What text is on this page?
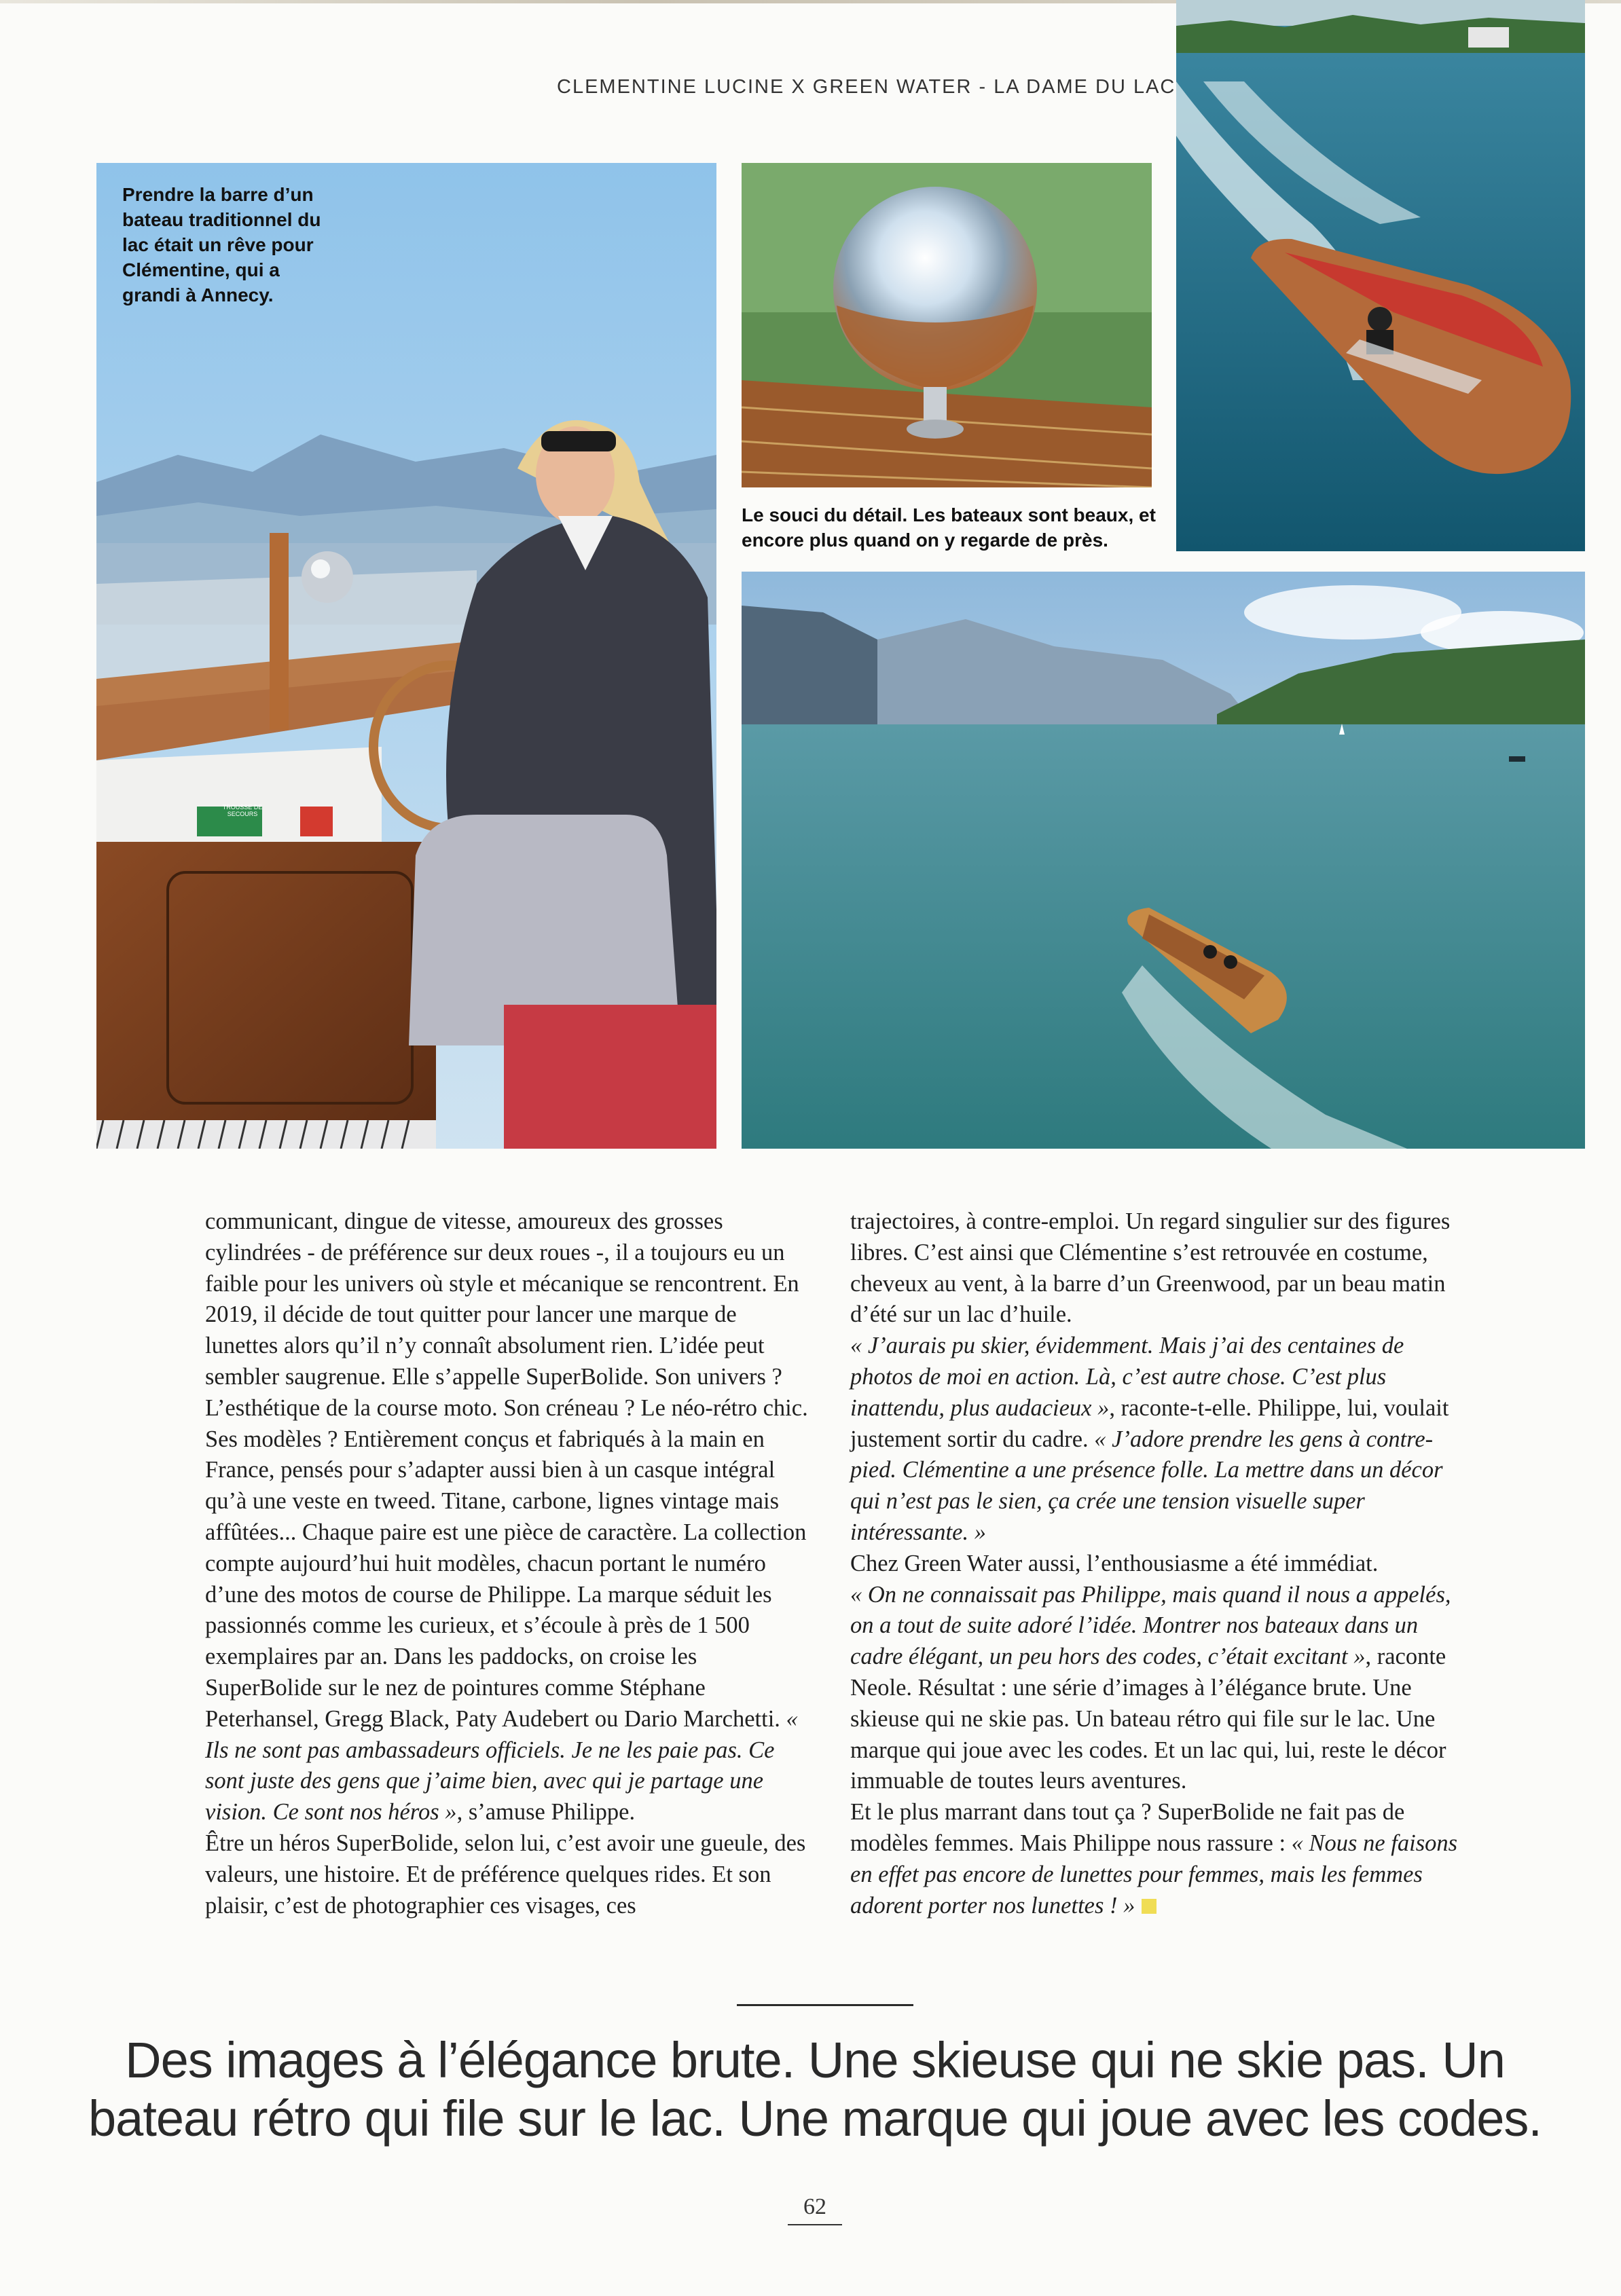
CLEMENTINE LUCINE X GREEN WATER - LA DAME DU LAC
Prendre la barre d’un bateau traditionnel du lac était un rêve pour Clémentine, qui a grandi à Annecy.
TROUSSE DE SECOURS
Le souci du détail. Les bateaux sont beaux, et encore plus quand on y regarde de près.

communicant, dingue de vitesse, amoureux des grosses cylindrées - de préférence sur deux roues -, il a toujours eu un faible pour les univers où style et mécanique se rencontrent. En 2019, il décide de tout quitter pour lancer une marque de lunettes alors qu’il n’y connaît absolument rien. L’idée peut sembler saugrenue. Elle s’appelle SuperBolide. Son univers ? L’esthétique de la course moto. Son créneau ? Le néo-rétro chic. Ses modèles ? Entièrement conçus et fabriqués à la main en France, pensés pour s’adapter aussi bien à un casque intégral qu’à une veste en tweed. Titane, carbone, lignes vintage mais affûtées... Chaque paire est une pièce de caractère. La collection compte aujourd’hui huit modèles, chacun portant le numéro d’une des motos de course de Philippe. La marque séduit les passionnés comme les curieux, et s’écoule à près de 1 500 exemplaires par an. Dans les paddocks, on croise les SuperBolide sur le nez de pointures comme Stéphane Peterhansel, Gregg Black, Paty Audebert ou Dario Marchetti. « Ils ne sont pas ambassadeurs officiels. Je ne les paie pas. Ce sont juste des gens que j’aime bien, avec qui je partage une vision. Ce sont nos héros », s’amuse Philippe.

Être un héros SuperBolide, selon lui, c’est avoir une gueule, des valeurs, une histoire. Et de préférence quelques rides. Et son plaisir, c’est de photographier ces visages, ces

trajectoires, à contre-emploi. Un regard singulier sur des figures libres. C’est ainsi que Clémentine s’est retrouvée en costume, cheveux au vent, à la barre d’un Greenwood, par un beau matin d’été sur un lac d’huile.

« J’aurais pu skier, évidemment. Mais j’ai des centaines de photos de moi en action. Là, c’est autre chose. C’est plus inattendu, plus audacieux », raconte-t-elle. Philippe, lui, voulait justement sortir du cadre. « J’adore prendre les gens à contre-pied. Clémentine a une présence folle. La mettre dans un décor qui n’est pas le sien, ça crée une tension visuelle super intéressante. »

Chez Green Water aussi, l’enthousiasme a été immédiat.

« On ne connaissait pas Philippe, mais quand il nous a appelés, on a tout de suite adoré l’idée. Montrer nos bateaux dans un cadre élégant, un peu hors des codes, c’était excitant », raconte Neole. Résultat : une série d’images à l’élégance brute. Une skieuse qui ne skie pas. Un bateau rétro qui file sur le lac. Une marque qui joue avec les codes. Et un lac qui, lui, reste le décor immuable de toutes leurs aventures.

Et le plus marrant dans tout ça ? SuperBolide ne fait pas de modèles femmes. Mais Philippe nous rassure : « Nous ne faisons en effet pas encore de lunettes pour femmes, mais les femmes adorent porter nos lunettes ! »

Des images à l’élégance brute. Une skieuse qui ne skie pas. Un
bateau rétro qui file sur le lac. Une marque qui joue avec les codes.
62
